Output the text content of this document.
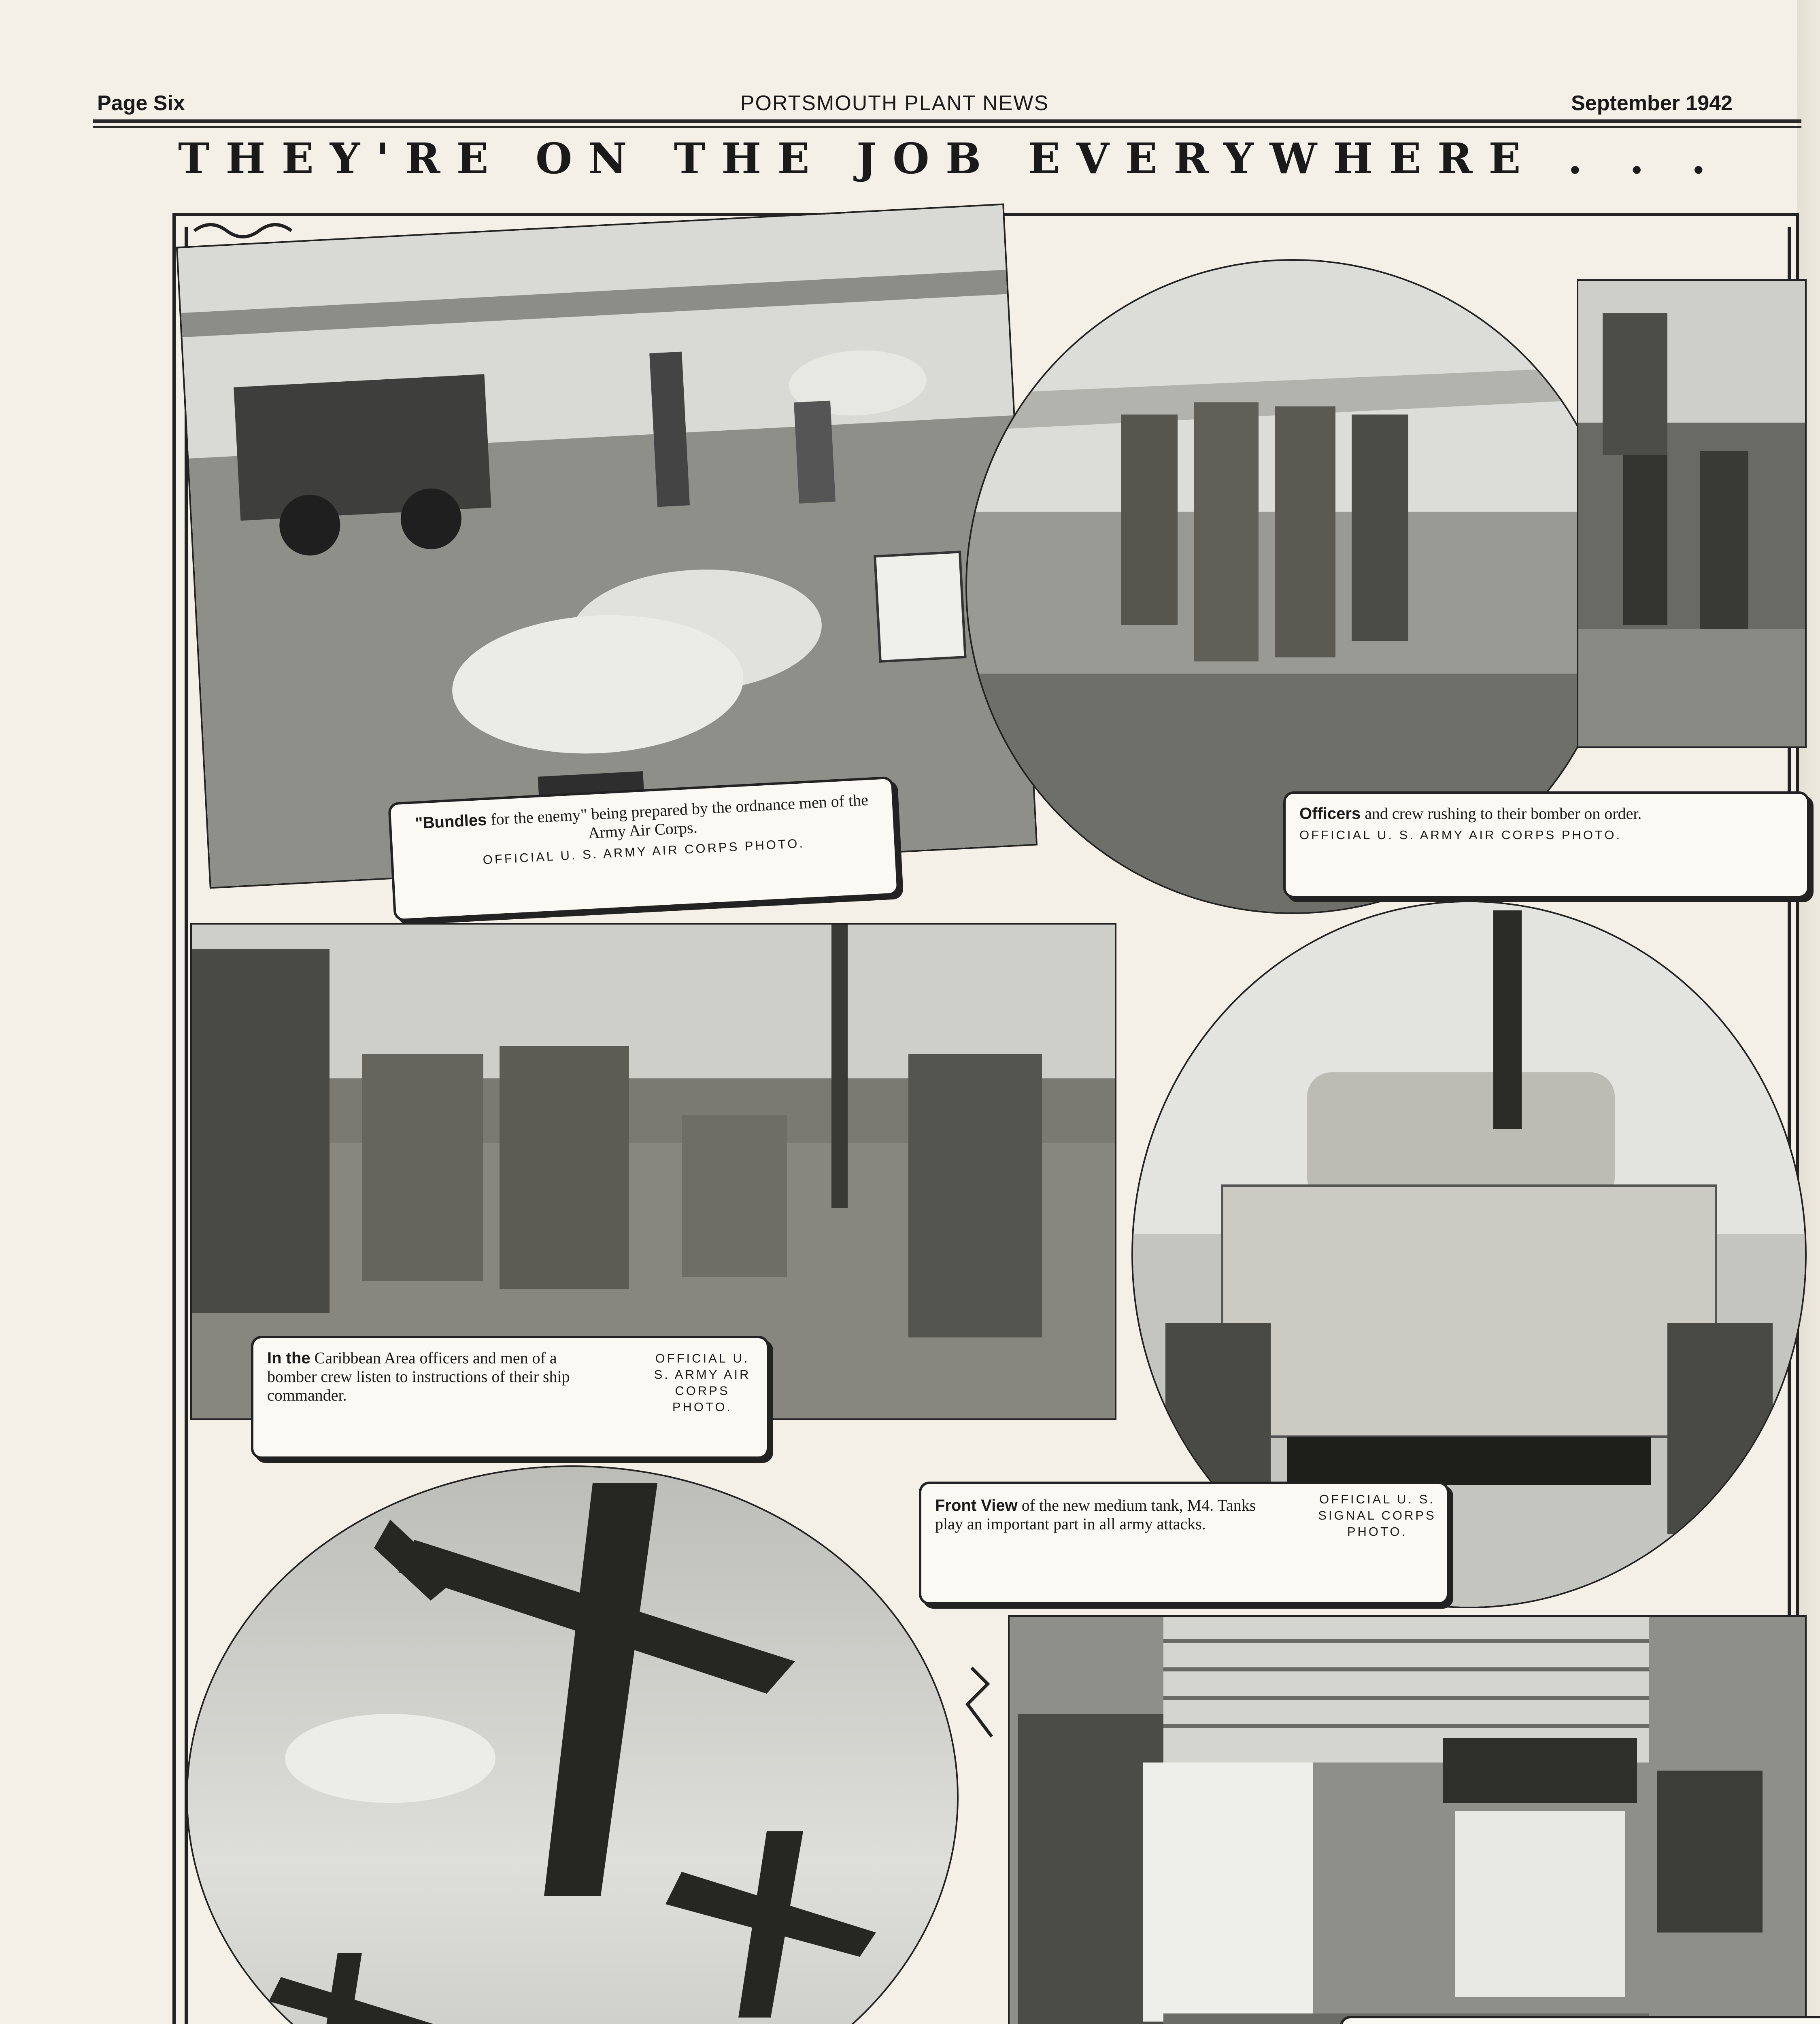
Page Six	PORTSMOUTH PLANT NEWS	September 1942
THEY'RE ON THE JOB EVERYWHERE . . .
"Bundles for the enemy" being prepared by the ordnance men of the Army Air Corps.
OFFICIAL U. S. ARMY AIR CORPS PHOTO.
Officers and crew rushing to their bomber on order.
OFFICIAL U. S. ARMY AIR CORPS PHOTO.
In the Caribbean Area officers and men of a bomber crew listen to instructions of their ship commander.
OFFICIAL U. S. ARMY AIR CORPS PHOTO.
Front View of the new medium tank, M4. Tanks play an important part in all army attacks.
OFFICIAL U. S. SIGNAL CORPS PHOTO.
